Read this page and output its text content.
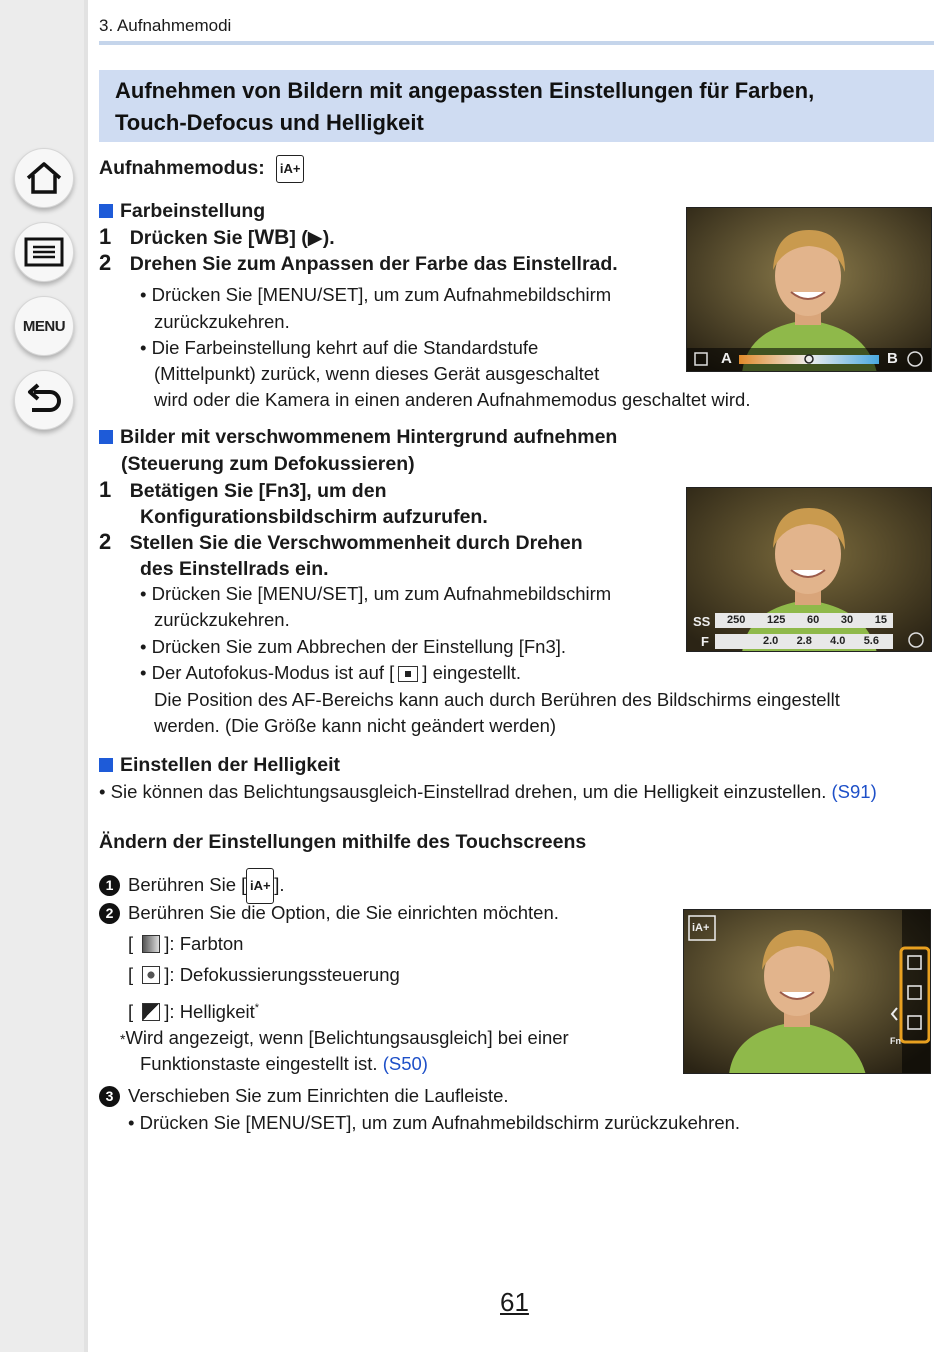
MENU
3. Aufnahmemodi
Aufnehmen von Bildern mit angepassten Einstellungen für Farben,
Touch-Defocus und Helligkeit
Aufnahmemodus: iA+
Farbeinstellung
1 Drücken Sie [WB] (▶).
2 Drehen Sie zum Anpassen der Farbe das Einstellrad.
• Drücken Sie [MENU/SET], um zum Aufnahmebildschirm
zurückzukehren.
• Die Farbeinstellung kehrt auf die Standardstufe
(Mittelpunkt) zurück, wenn dieses Gerät ausgeschaltet
wird oder die Kamera in einen anderen Aufnahmemodus geschaltet wird.
A	B
Bilder mit verschwommenem Hintergrund aufnehmen
(Steuerung zum Defokussieren)
1 Betätigen Sie [Fn3], um den
Konfigurationsbildschirm aufzurufen.
2 Stellen Sie die Verschwommenheit durch Drehen
des Einstellrads ein.
• Drücken Sie [MENU/SET], um zum Aufnahmebildschirm
zurückzukehren.
• Drücken Sie zum Abbrechen der Einstellung [Fn3].
• Der Autofokus-Modus ist auf [ ] eingestellt.
Die Position des AF-Bereichs kann auch durch Berühren des Bildschirms eingestellt
werden. (Die Größe kann nicht geändert werden)
SS
F
250 125 60 30 15
2.0 2.8 4.0 5.6
Einstellen der Helligkeit
• Sie können das Belichtungsausgleich-Einstellrad drehen, um die Helligkeit einzustellen. (S91)
Ändern der Einstellungen mithilfe des Touchscreens
1 Berühren Sie [ iA+ ].
2 Berühren Sie die Option, die Sie einrichten möchten.
[ ]: Farbton
[ ]: Defokussierungssteuerung
[ ]: Helligkeit*
*Wird angezeigt, wenn [Belichtungsausgleich] bei einer
Funktionstaste eingestellt ist. (S50)
3 Verschieben Sie zum Einrichten die Laufleiste.
• Drücken Sie [MENU/SET], um zum Aufnahmebildschirm zurückzukehren.
iA+
Fn
61
